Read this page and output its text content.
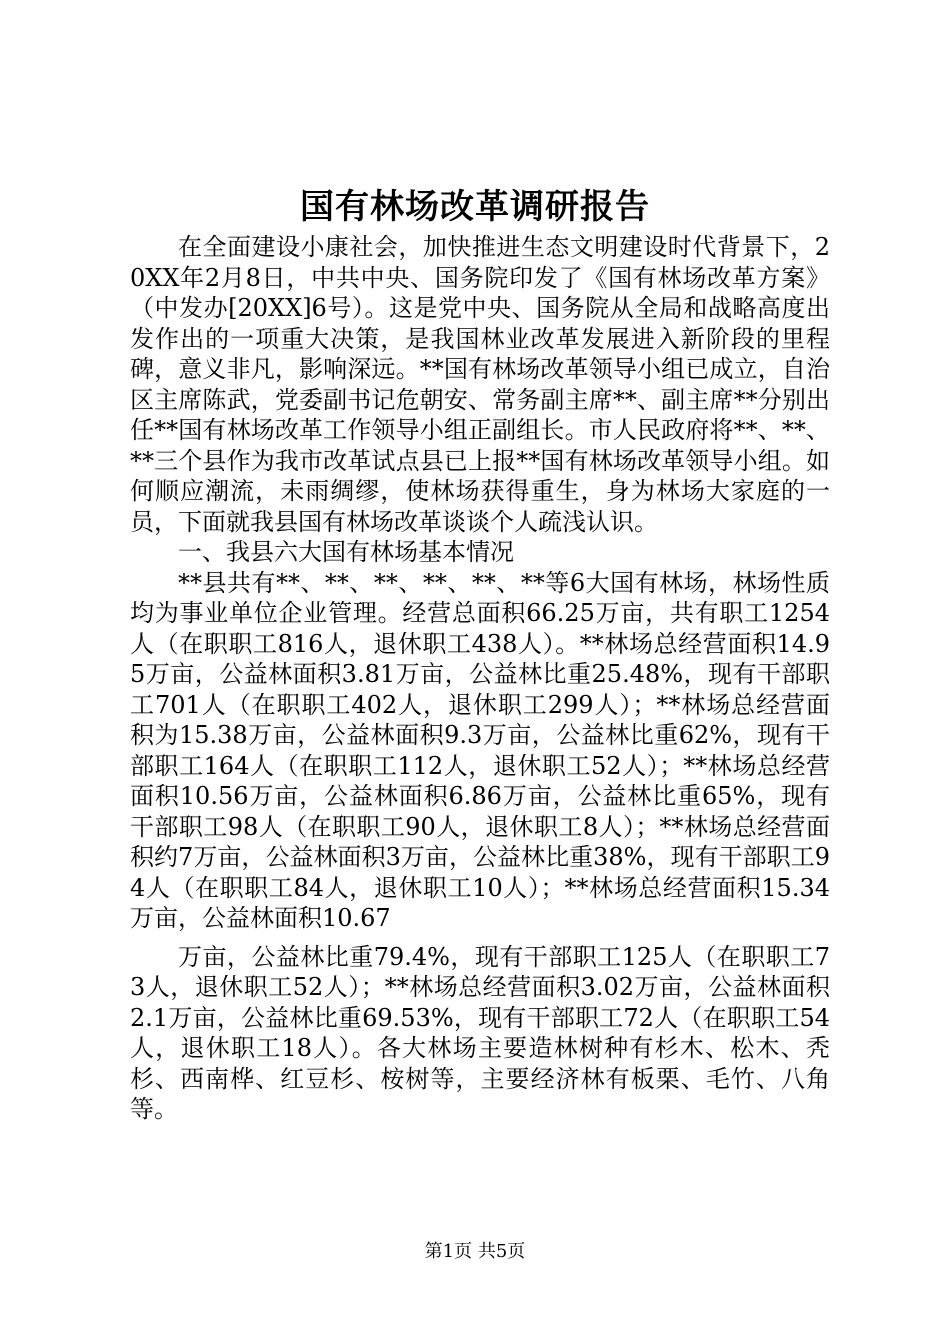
国有林场改革调研报告

在全面建设小康社会，加快推进生态文明建设时代背景下，20XX年2月8日，中共中央、国务院印发了《国有林场改革方案》（中发办[20XX]6号）。这是党中央、国务院从全局和战略高度出发作出的一项重大决策，是我国林业改革发展进入新阶段的里程碑，意义非凡，影响深远。**国有林场改革领导小组已成立，自治区主席陈武，党委副书记危朝安、常务副主席**、副主席**分别出任**国有林场改革工作领导小组正副组长。市人民政府将**、**、**三个县作为我市改革试点县已上报**国有林场改革领导小组。如何顺应潮流，未雨绸缪，使林场获得重生，身为林场大家庭的一员，下面就我县国有林场改革谈谈个人疏浅认识。

一、我县六大国有林场基本情况

**县共有**、**、**、**、**、**等6大国有林场，林场性质均为事业单位企业管理。经营总面积66.25万亩，共有职工1254人（在职职工816人，退休职工438人）。**林场总经营面积14.95万亩，公益林面积3.81万亩，公益林比重25.48%，现有干部职工701人（在职职工402人，退休职工299人）；**林场总经营面积为15.38万亩，公益林面积9.3万亩，公益林比重62%，现有干部职工164人（在职职工112人，退休职工52人）；**林场总经营面积10.56万亩，公益林面积6.86万亩，公益林比重65%，现有干部职工98人（在职职工90人，退休职工8人）；**林场总经营面积约7万亩，公益林面积3万亩，公益林比重38%，现有干部职工94人（在职职工84人，退休职工10人）；**林场总经营面积15.34万亩，公益林面积10.67

万亩，公益林比重79.4%，现有干部职工125人（在职职工73人，退休职工52人）；**林场总经营面积3.02万亩，公益林面积2.1万亩，公益林比重69.53%，现有干部职工72人（在职职工54人，退休职工18人）。各大林场主要造林树种有杉木、松木、秃杉、西南桦、红豆杉、桉树等，主要经济林有板栗、毛竹、八角等。

第1页 共5页
